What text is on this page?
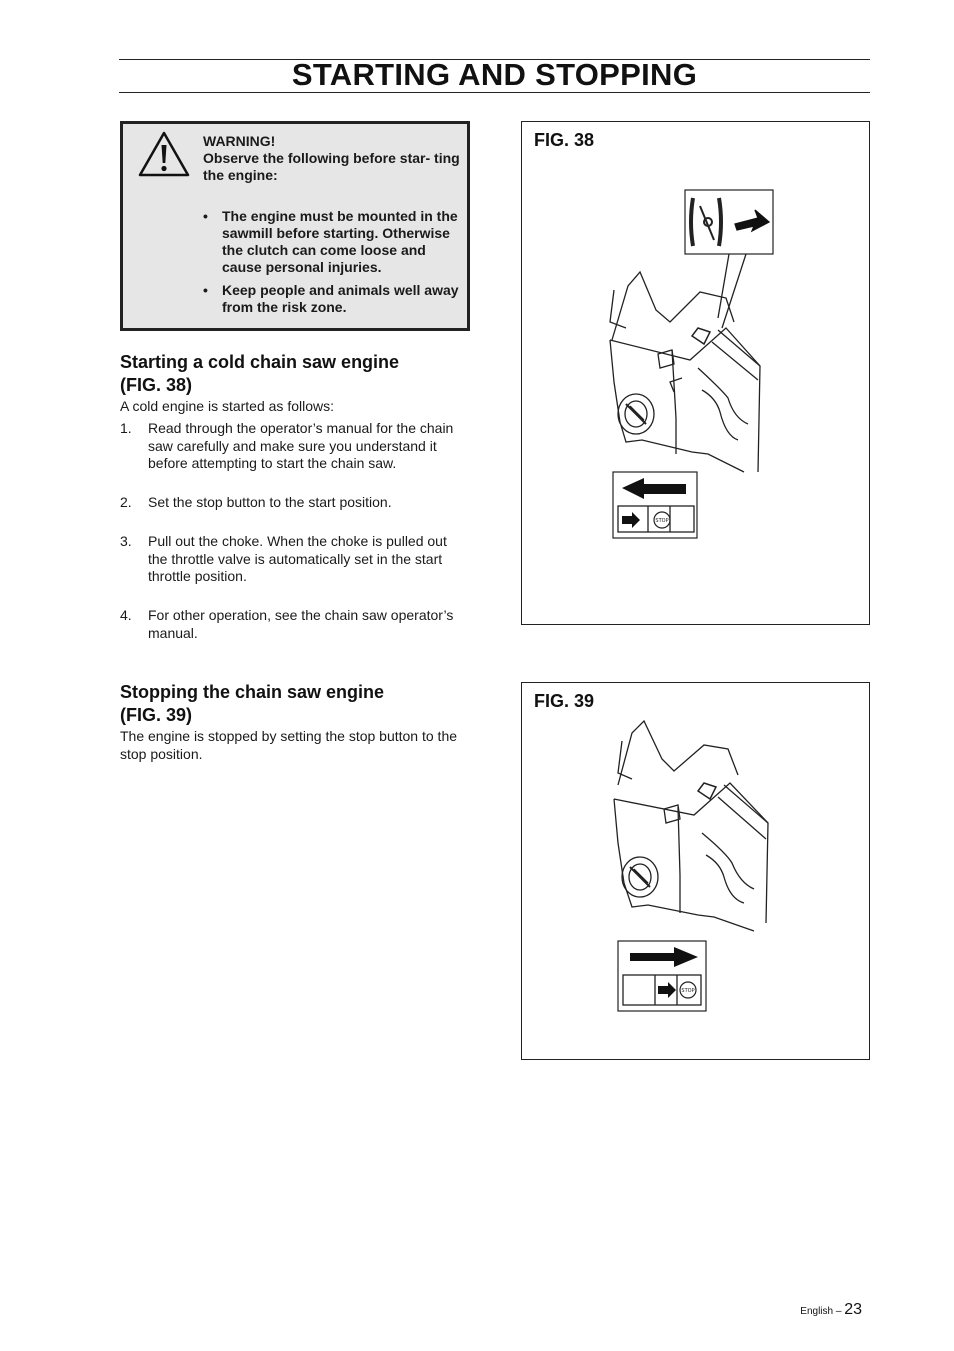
STARTING AND STOPPING
WARNING!
Observe the following before star- ting the engine:
• The engine must be mounted in the sawmill before starting. Otherwise the clutch can come loose and cause personal injuries.
• Keep people and animals well away from the risk zone.
Starting a cold chain saw engine
(FIG. 38)
A cold engine is started as follows:
1. Read through the operator’s manual for the chain saw carefully and make sure you understand it before attempting to start the chain saw.
2. Set the stop button to the start position.
3. Pull out the choke. When the choke is pulled out the throttle valve is automatically set in the start throttle position.
4. For other operation, see the chain saw operator’s manual.
Stopping the chain saw engine
(FIG. 39)
The engine is stopped by setting the stop button to the stop position.
STOP
FIG. 38
STOP
FIG. 39
English – 23
